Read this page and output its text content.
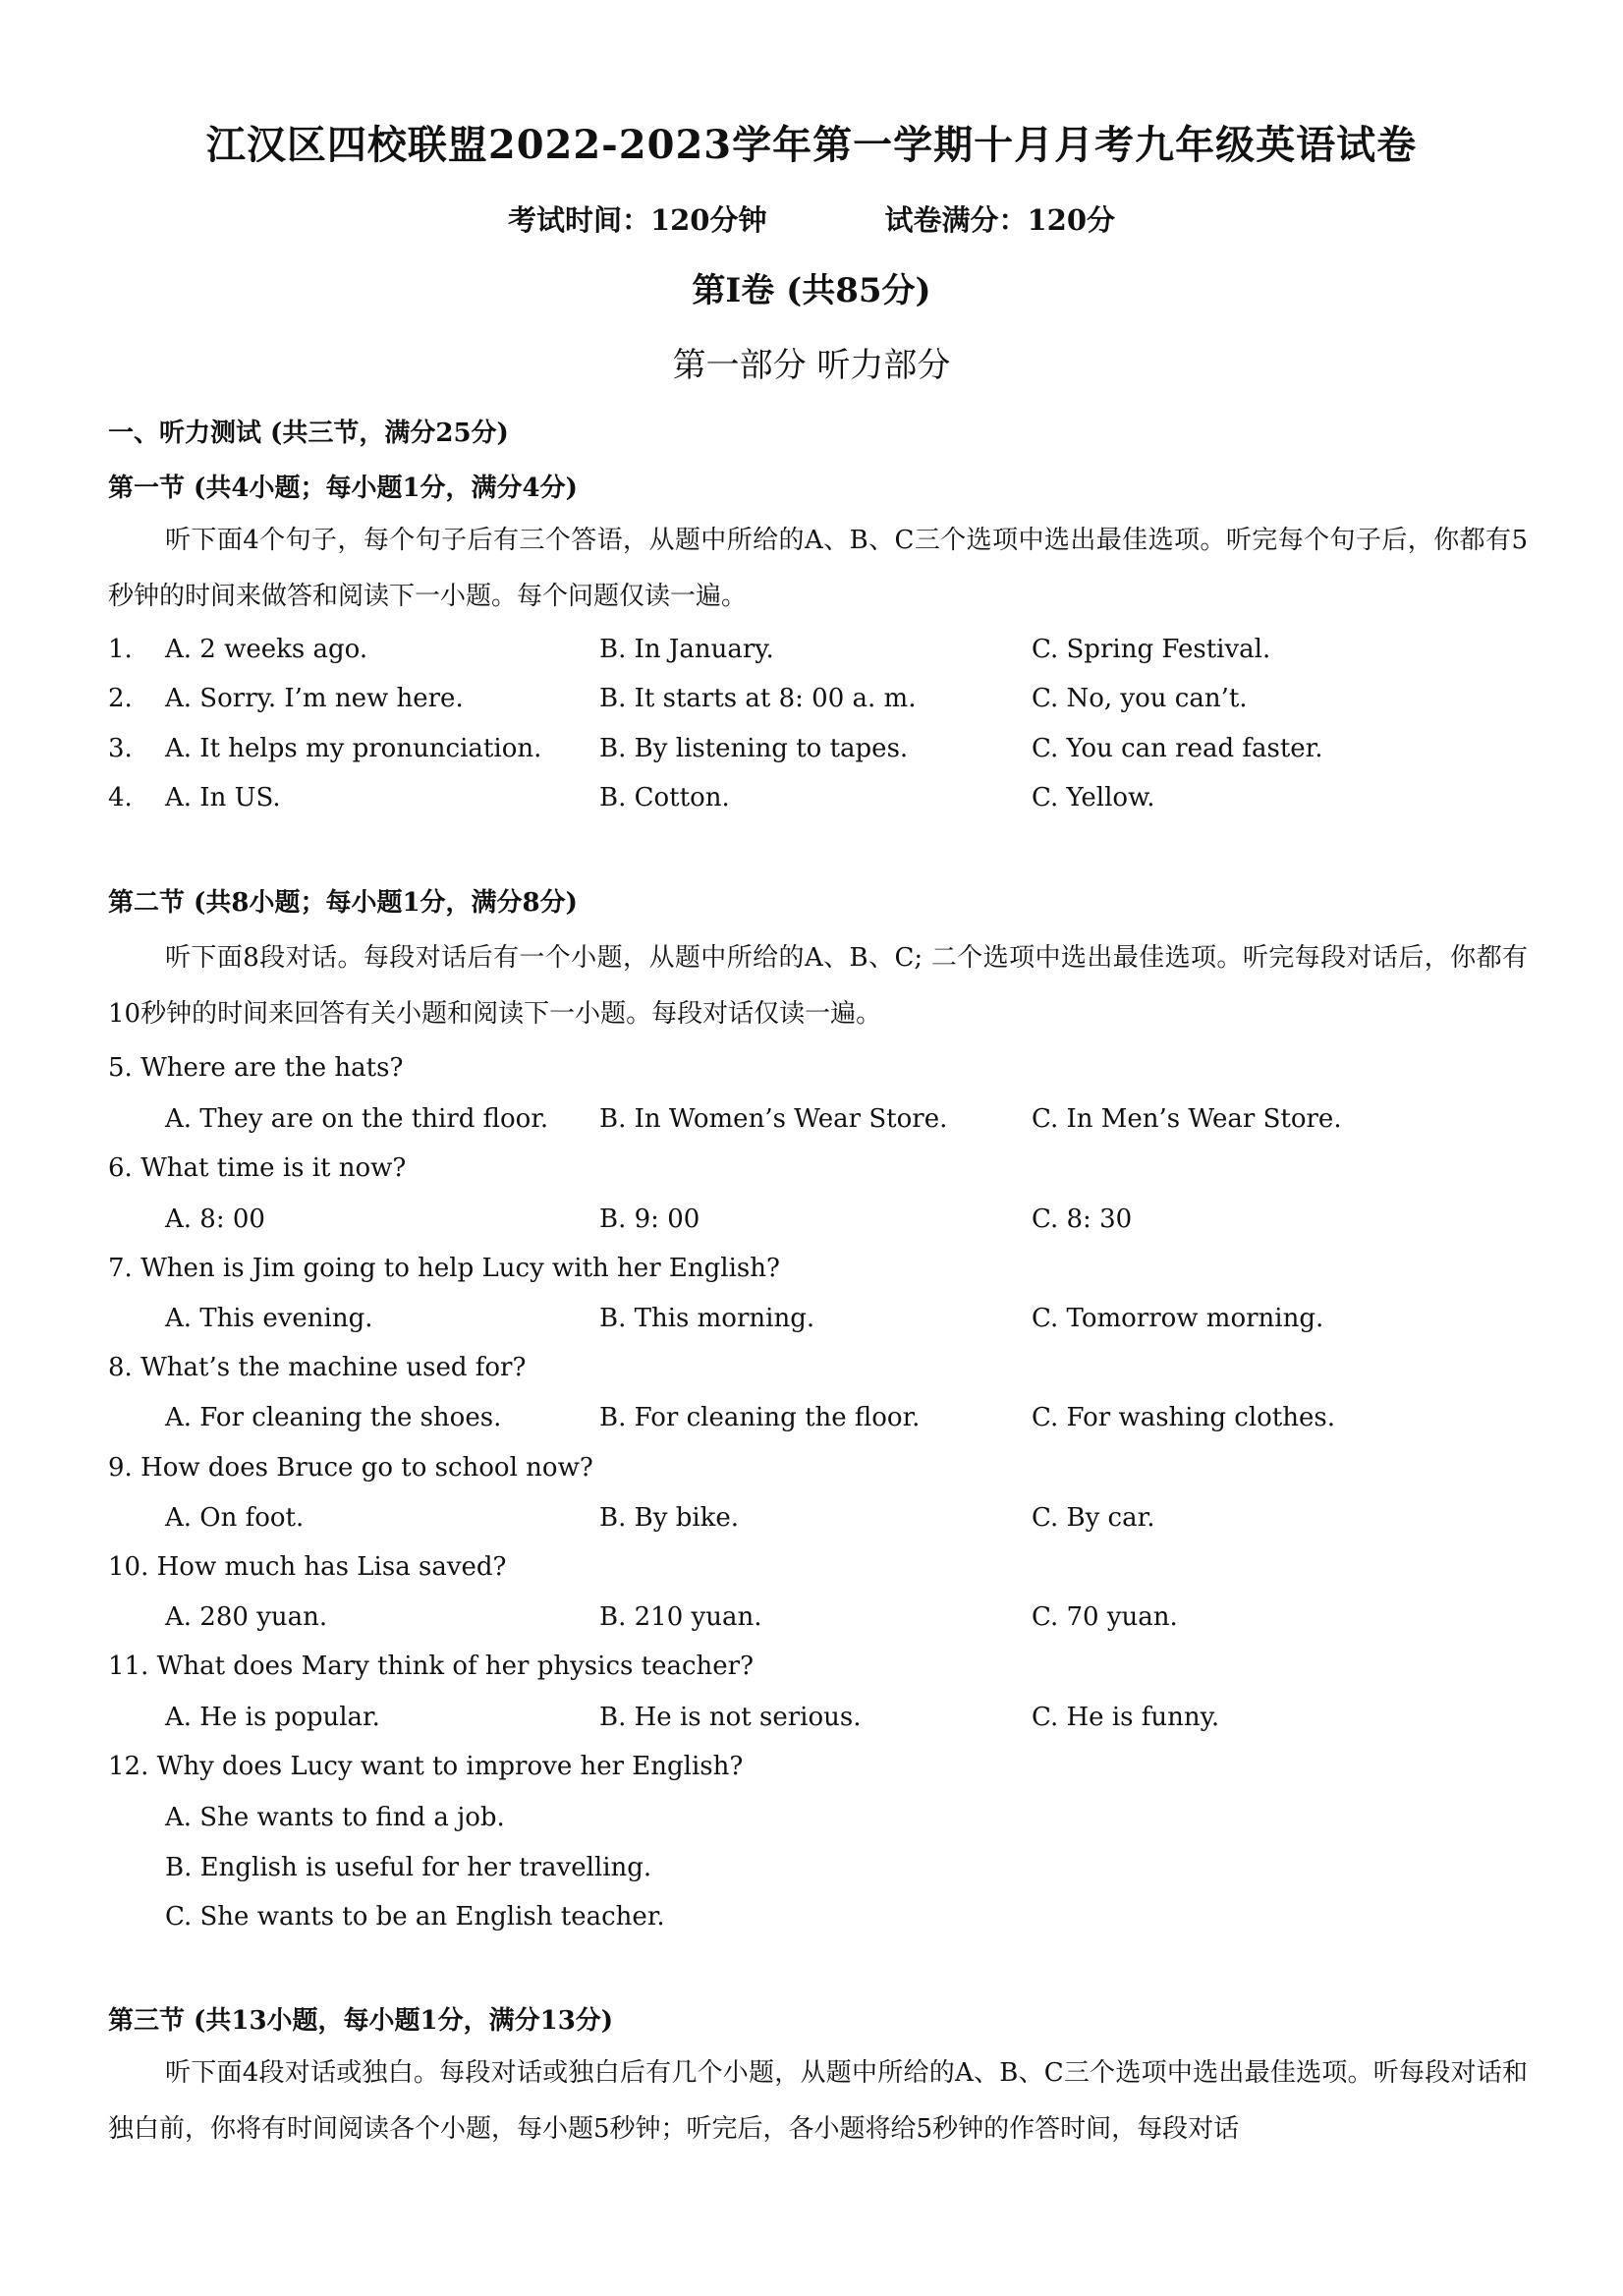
江汉区四校联盟2022-2023学年第一学期十月月考九年级英语试卷
考试时间：120分钟	试卷满分：120分
第I卷 (共85分)
第一部分 听力部分
一、听力测试 (共三节，满分25分)
第一节 (共4小题；每小题1分，满分4分)
听下面4个句子，每个句子后有三个答语，从题中所给的A、B、C三个选项中选出最佳选项。听完每个句子后，你都有5秒钟的时间来做答和阅读下一小题。每个问题仅读一遍。
1. A. 2 weeks ago.	B. In January.	C. Spring Festival.
2. A. Sorry. I’m new here.	B. It starts at 8: 00 a. m.	C. No, you can’t.
3. A. It helps my pronunciation. B. By listening to tapes.	C. You can read faster.
4. A. In US.	B. Cotton.	C. Yellow.
第二节 (共8小题；每小题1分，满分8分)
听下面8段对话。每段对话后有一个小题，从题中所给的A、B、C; 二个选项中选出最佳选项。听完每段对话后，你都有10秒钟的时间来回答有关小题和阅读下一小题。每段对话仅读一遍。
5. Where are the hats?
A. They are on the third floor. B. In Women’s Wear Store.	C. In Men’s Wear Store.
6. What time is it now?
A. 8: 00	B. 9: 00	C. 8: 30
7. When is Jim going to help Lucy with her English?
A. This evening.	B. This morning.	C. Tomorrow morning.
8. What’s the machine used for?
A. For cleaning the shoes.	B. For cleaning the floor.	C. For washing clothes.
9. How does Bruce go to school now?
A. On foot.	B. By bike.	C. By car.
10. How much has Lisa saved?
A. 280 yuan.	B. 210 yuan.	C. 70 yuan.
11. What does Mary think of her physics teacher?
A. He is popular.	B. He is not serious.	C. He is funny.
12. Why does Lucy want to improve her English?
A. She wants to find a job.
B. English is useful for her travelling.
C. She wants to be an English teacher.
第三节 (共13小题，每小题1分，满分13分)
听下面4段对话或独白。每段对话或独白后有几个小题，从题中所给的A、B、C三个选项中选出最佳选项。听每段对话和独白前，你将有时间阅读各个小题，每小题5秒钟；听完后，各小题将给5秒钟的作答时间，每段对话
